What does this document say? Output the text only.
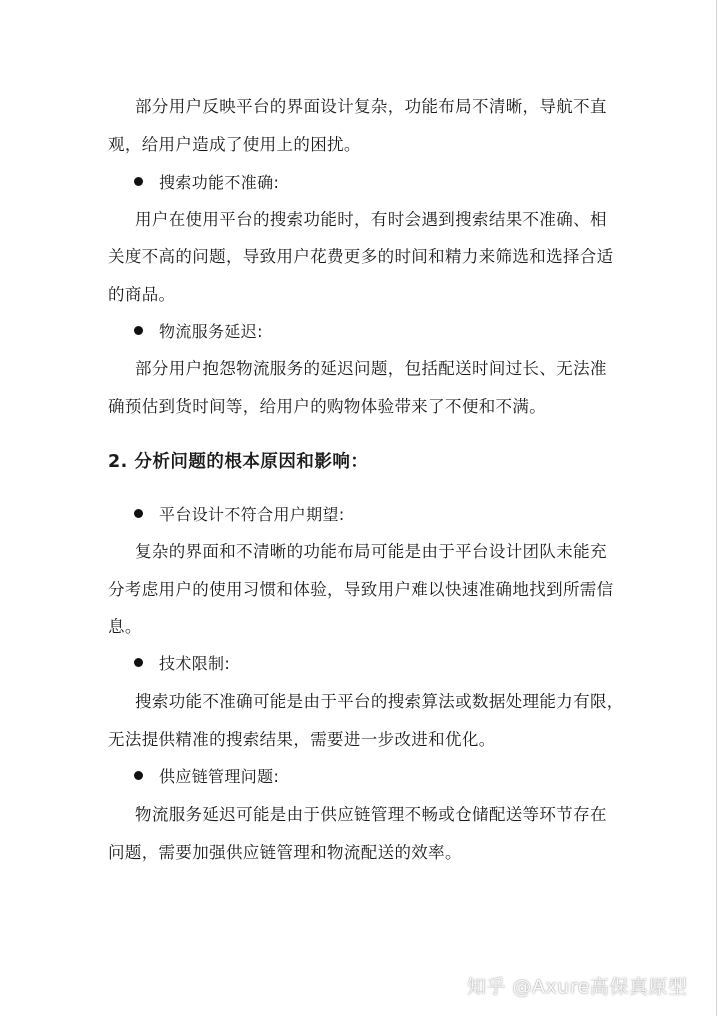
部分用户反映平台的界面设计复杂，功能布局不清晰，导航不直
观，给用户造成了使用上的困扰。
搜索功能不准确:
用户在使用平台的搜索功能时，有时会遇到搜索结果不准确、相
关度不高的问题，导致用户花费更多的时间和精力来筛选和选择合适
的商品。
物流服务延迟:
部分用户抱怨物流服务的延迟问题，包括配送时间过长、无法准
确预估到货时间等，给用户的购物体验带来了不便和不满。
2. 分析问题的根本原因和影响：
平台设计不符合用户期望:
复杂的界面和不清晰的功能布局可能是由于平台设计团队未能充
分考虑用户的使用习惯和体验，导致用户难以快速准确地找到所需信
息。
技术限制:
搜索功能不准确可能是由于平台的搜索算法或数据处理能力有限，
无法提供精准的搜索结果，需要进一步改进和优化。
供应链管理问题:
物流服务延迟可能是由于供应链管理不畅或仓储配送等环节存在
问题，需要加强供应链管理和物流配送的效率。
知乎 @Axure高保真原型
